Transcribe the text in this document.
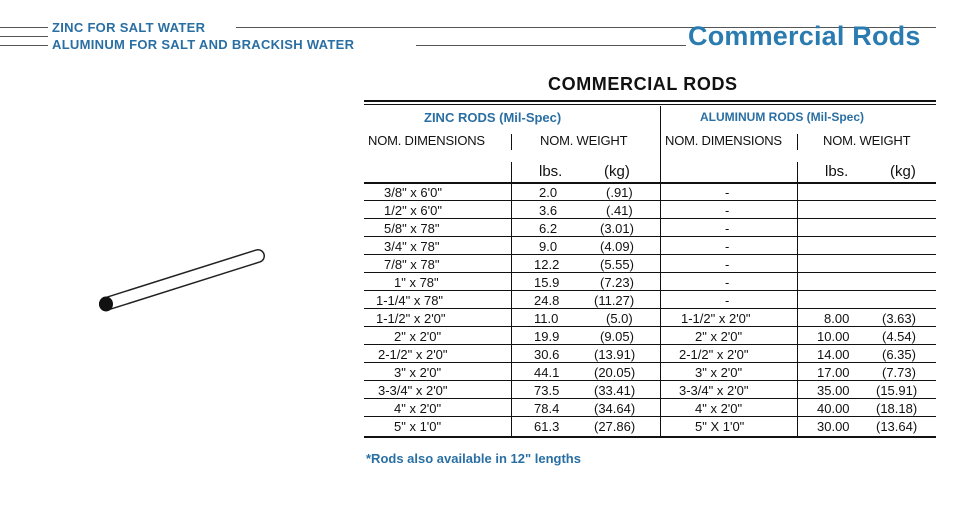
ZINC FOR SALT WATER
ALUMINUM FOR SALT AND BRACKISH WATER	Commercial Rods
COMMERCIAL RODS
ZINC RODS (Mil-Spec)	ALUMINUM RODS (Mil-Spec)
NOM. DIMENSIONS	NOM. WEIGHT	NOM. DIMENSIONS	NOM. WEIGHT
lbs.	(kg)	lbs.	(kg)
3/8" x 6'0"	2.0	(.91)	-
1/2" x 6'0"	3.6	(.41)	-
5/8" x 78"	6.2	(3.01)	-
3/4" x 78"	9.0	(4.09)	-
7/8" x 78"	12.2	(5.55)	-
1" x 78"	15.9	(7.23)	-
1-1/4" x 78"	24.8	(11.27)	-
1-1/2" x 2'0"	11.0	(5.0)	1-1/2" x 2'0"	8.00	(3.63)
2" x 2'0"	19.9	(9.05)	2" x 2'0"	10.00 (4.54)
2-1/2" x 2'0"	30.6	(13.91)	2-1/2" x 2'0"	14.00 (6.35)
3" x 2'0"	44.1	(20.05)	3" x 2'0"	17.00 (7.73)
3-3/4" x 2'0"	73.5	(33.41)	3-3/4" x 2'0"	35.00 (15.91)
4" x 2'0"	78.4	(34.64)	4" x 2'0"	40.00 (18.18)
5" x 1'0"	61.3	(27.86)	5" X 1'0"	30.00 (13.64)
*Rods also available in 12" lengths
